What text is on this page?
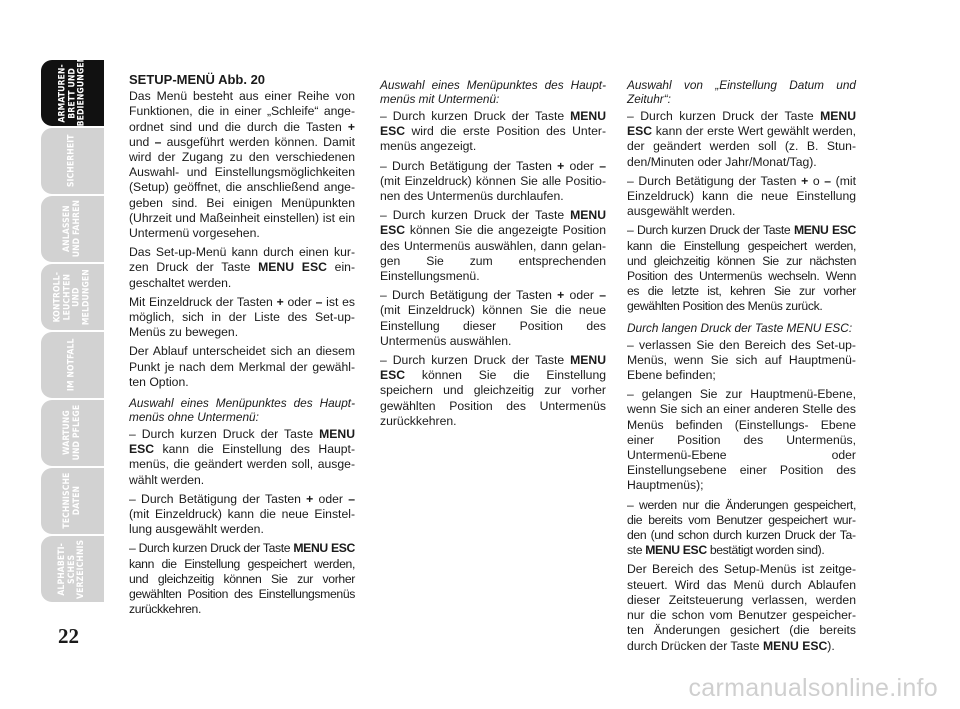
ARMATUREN-
BRETT UND
BEDIENGUNGEN
SICHERHEIT
ANLASSEN
UND FAHREN
KONTROLL-
LEUCHTEN UND
MELDUNGEN
IM NOTFALL
WARTUNG
UND PFLEGE
TECHNISCHE
DATEN
ALPHABETI-
SCHES
VERZEICHNIS
22

SETUP-MENÜ Abb. 20

Das Menü besteht aus einer Reihe von Funktionen, die in einer „Schleife“ angeordnet sind und die durch die Tasten + und – ausgeführt werden können. Damit wird der Zugang zu den verschiedenen Auswahl- und Einstellungsmöglichkeiten (Setup) geöffnet, die anschließend angegeben sind. Bei einigen Menüpunkten (Uhrzeit und Maßeinheit einstellen) ist ein Untermenü vorgesehen.

Das Set-up-Menü kann durch einen kurzen Druck der Taste MENU ESC eingeschaltet werden.

Mit Einzeldruck der Tasten + oder – ist es möglich, sich in der Liste des Set-up-Menüs zu bewegen.

Der Ablauf unterscheidet sich an diesem Punkt je nach dem Merkmal der gewählten Option.

Auswahl eines Menüpunktes des Hauptmenüs ohne Untermenü:

– Durch kurzen Druck der Taste MENU ESC kann die Einstellung des Hauptmenüs, die geändert werden soll, ausgewählt werden.

– Durch Betätigung der Tasten + oder – (mit Einzeldruck) kann die neue Einstellung ausgewählt werden.

– Durch kurzen Druck der Taste MENU ESC kann die Einstellung gespeichert werden, und gleichzeitig können Sie zur vorher gewählten Position des Einstellungsmenüs zurückkehren.

Auswahl eines Menüpunktes des Hauptmenüs mit Untermenü:

– Durch kurzen Druck der Taste MENU ESC wird die erste Position des Untermenüs angezeigt.

– Durch Betätigung der Tasten + oder – (mit Einzeldruck) können Sie alle Positionen des Untermenüs durchlaufen.

– Durch kurzen Druck der Taste MENU ESC können Sie die angezeigte Position des Untermenüs auswählen, dann gelangen Sie zum entsprechenden Einstellungsmenü.

– Durch Betätigung der Tasten + oder – (mit Einzeldruck) können Sie die neue Einstellung dieser Position des Untermenüs auswählen.

– Durch kurzen Druck der Taste MENU ESC können Sie die Einstellung speichern und gleichzeitig zur vorher gewählten Position des Untermenüs zurückkehren.

Auswahl von „Einstellung Datum und Zeituhr“:

– Durch kurzen Druck der Taste MENU ESC kann der erste Wert gewählt werden, der geändert werden soll (z. B. Stunden/Minuten oder Jahr/Monat/Tag).

– Durch Betätigung der Tasten + o – (mit Einzeldruck) kann die neue Einstellung ausgewählt werden.

– Durch kurzen Druck der Taste MENU ESC kann die Einstellung gespeichert werden, und gleichzeitig können Sie zur nächsten Position des Untermenüs wechseln. Wenn es die letzte ist, kehren Sie zur vorher gewählten Position des Menüs zurück.

Durch langen Druck der Taste MENU ESC:

– verlassen Sie den Bereich des Set-up-Menüs, wenn Sie sich auf Hauptmenü-Ebene befinden;

– gelangen Sie zur Hauptmenü-Ebene, wenn Sie sich an einer anderen Stelle des Menüs befinden (Einstellungs- Ebene einer Position des Untermenüs, Untermenü-Ebene oder Einstellungsebene einer Position des Hauptmenüs);

– werden nur die Änderungen gespeichert, die bereits vom Benutzer gespeichert wurden (und schon durch kurzen Druck der Taste MENU ESC bestätigt worden sind).

Der Bereich des Setup-Menüs ist zeitgesteuert. Wird das Menü durch Ablaufen dieser Zeitsteuerung verlassen, werden nur die schon vom Benutzer gespeicherten Änderungen gesichert (die bereits durch Drücken der Taste MENU ESC).

carmanualsonline.info
